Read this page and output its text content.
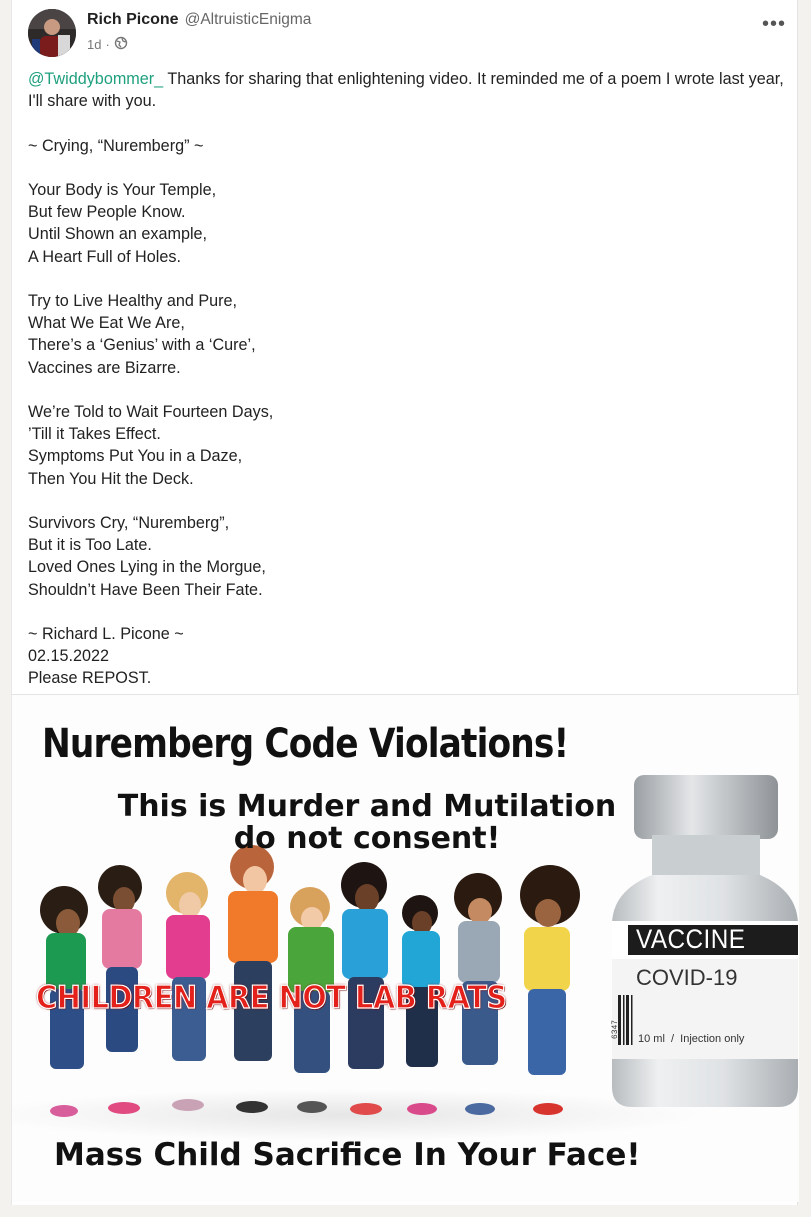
Rich Picone @AltruisticEnigma
1d ·
•••

@Twiddybommer_ Thanks for sharing that enlightening video. It reminded me of a poem I wrote last year, I'll share with you.

~ Crying, “Nuremberg” ~

Your Body is Your Temple,

But few People Know.

Until Shown an example,

A Heart Full of Holes.

Try to Live Healthy and Pure,

What We Eat We Are,

There’s a ‘Genius’ with a ‘Cure’,

Vaccines are Bizarre.

We’re Told to Wait Fourteen Days,

’Till it Takes Effect.

Symptoms Put You in a Daze,

Then You Hit the Deck.

Survivors Cry, “Nuremberg”,

But it is Too Late.

Loved Ones Lying in the Morgue,

Shouldn’t Have Been Their Fate.

~ Richard L. Picone ~

02.15.2022

Please REPOST.

Nuremberg Code Violations!
This is Murder and Mutilation
do not consent!
VACCINE
COVID-19
10 ml  /  Injection only
6347
CHILDREN ARE NOT LAB RATS
Mass Child Sacrifice In Your Face!
